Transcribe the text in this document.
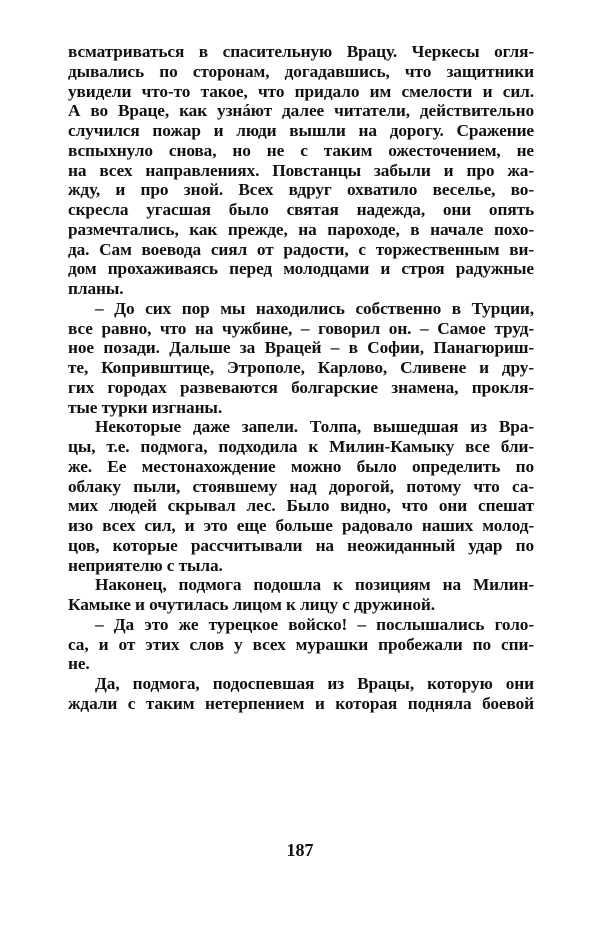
всматриваться в спасительную Врацу. Черкесы огля-
дывались по сторонам, догадавшись, что защитники
увидели что-то такое, что придало им смелости и сил.
А во Враце, как узнáют далее читатели, действительно
случился пожар и люди вышли на дорогу. Сражение
вспыхнуло снова, но не с таким ожесточением, не
на всех направлениях. Повстанцы забыли и про жа-
жду, и про зной. Всех вдруг охватило веселье, во-
скресла угасшая было святая надежда, они опять
размечтались, как прежде, на пароходе, в начале похо-
да. Сам воевода сиял от радости, с торжественным ви-
дом прохаживаясь перед молодцами и строя радужные
планы.
– До сих пор мы находились собственно в Турции,
все равно, что на чужбине, – говорил он. – Самое труд-
ное позади. Дальше за Врацей – в Софии, Панагюриш-
те, Копривштице, Этрополе, Карлово, Сливене и дру-
гих городах развеваются болгарские знамена, прокля-
тые турки изгнаны.
Некоторые даже запели. Толпа, вышедшая из Вра-
цы, т.е. подмога, подходила к Милин-Камыку все бли-
же. Ее местонахождение можно было определить по
облаку пыли, стоявшему над дорогой, потому что са-
мих людей скрывал лес. Было видно, что они спешат
изо всех сил, и это еще больше радовало наших молод-
цов, которые рассчитывали на неожиданный удар по
неприятелю с тыла.
Наконец, подмога подошла к позициям на Милин-
Камыке и очутилась лицом к лицу с дружиной.
– Да это же турецкое войско! – послышались голо-
са, и от этих слов у всех мурашки пробежали по спи-
не.
Да, подмога, подоспевшая из Врацы, которую они
ждали с таким нетерпением и которая подняла боевой
187
